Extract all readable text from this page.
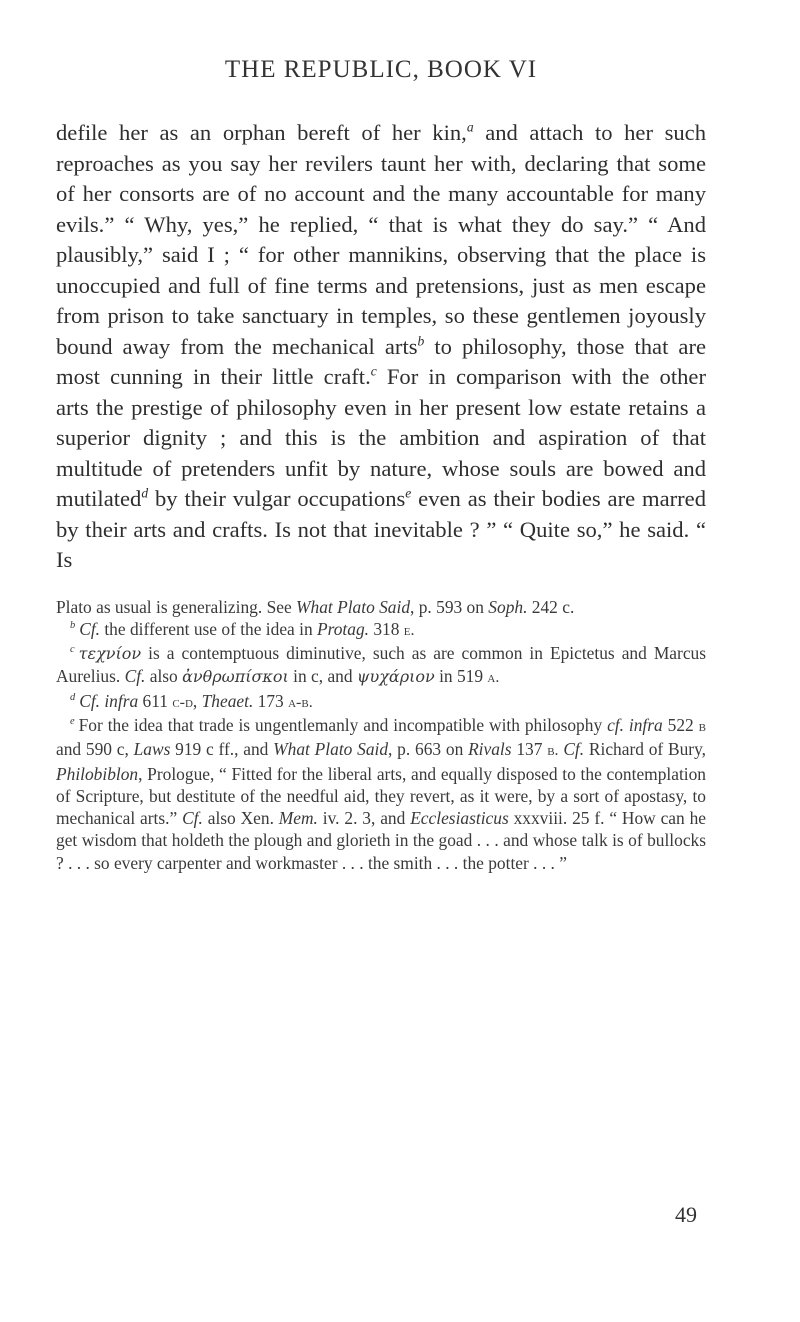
THE REPUBLIC, BOOK VI

defile her as an orphan bereft of her kin,$^a$ and attach to her such reproaches as you say her revilers taunt her with, declaring that some of her consorts are of no account and the many accountable for many evils.” “ Why, yes,” he replied, “ that is what they do say.” “ And plausibly,” said I ; “ for other mannikins, observing that the place is unoccupied and full of fine terms and pretensions, just as men escape from prison to take sanctuary in temples, so these gentlemen joyously bound away from the mechanical arts$^b$ to philosophy, those that are most cunning in their little craft.$^c$ For in comparison with the other arts the prestige of philosophy even in her present low estate retains a superior dignity ; and this is the ambition and aspiration of that multitude of pretenders unfit by nature, whose souls are bowed and mutilated$^d$ by their vulgar occupations$^e$ even as their bodies are marred by their arts and crafts. Is not that inevitable ? ” “ Quite so,” he said. “ Is

Plato as usual is generalizing. See What Plato Said, p. 593 on Soph. 242 c.

$^b$ Cf. the different use of the idea in Protag. 318 e.

$^c$ τεχνίον is a contemptuous diminutive, such as are common in Epictetus and Marcus Aurelius. Cf. also ἀνθρωπίσκοι in c, and ψυχάριον in 519 a.

$^d$ Cf. infra 611 c-d, Theaet. 173 a-b.

$^e$ For the idea that trade is ungentlemanly and incompatible with philosophy cf. infra 522 b and 590 c, Laws 919 c ff., and What Plato Said, p. 663 on Rivals 137 b. Cf. Richard of Bury, Philobiblon, Prologue, “ Fitted for the liberal arts, and equally disposed to the contemplation of Scripture, but destitute of the needful aid, they revert, as it were, by a sort of apostasy, to mechanical arts.” Cf. also Xen. Mem. iv. 2. 3, and Ecclesiasticus xxxviii. 25 f. “ How can he get wisdom that holdeth the plough and glorieth in the goad . . . and whose talk is of bullocks ? . . . so every carpenter and workmaster . . . the smith . . . the potter . . . ”

49
